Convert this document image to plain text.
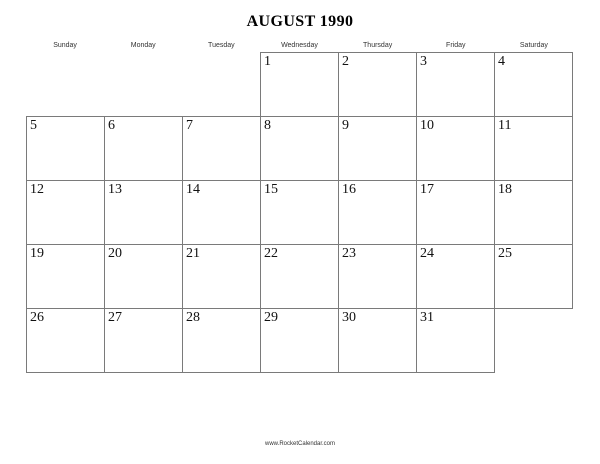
AUGUST 1990
Sunday	Monday	Tuesday	Wednesday	Thursday	Friday	Saturday
			1	2	3	4
5	6	7	8	9	10	11
12	13	14	15	16	17	18
19	20	21	22	23	24	25
26	27	28	29	30	31	
www.RocketCalendar.com
